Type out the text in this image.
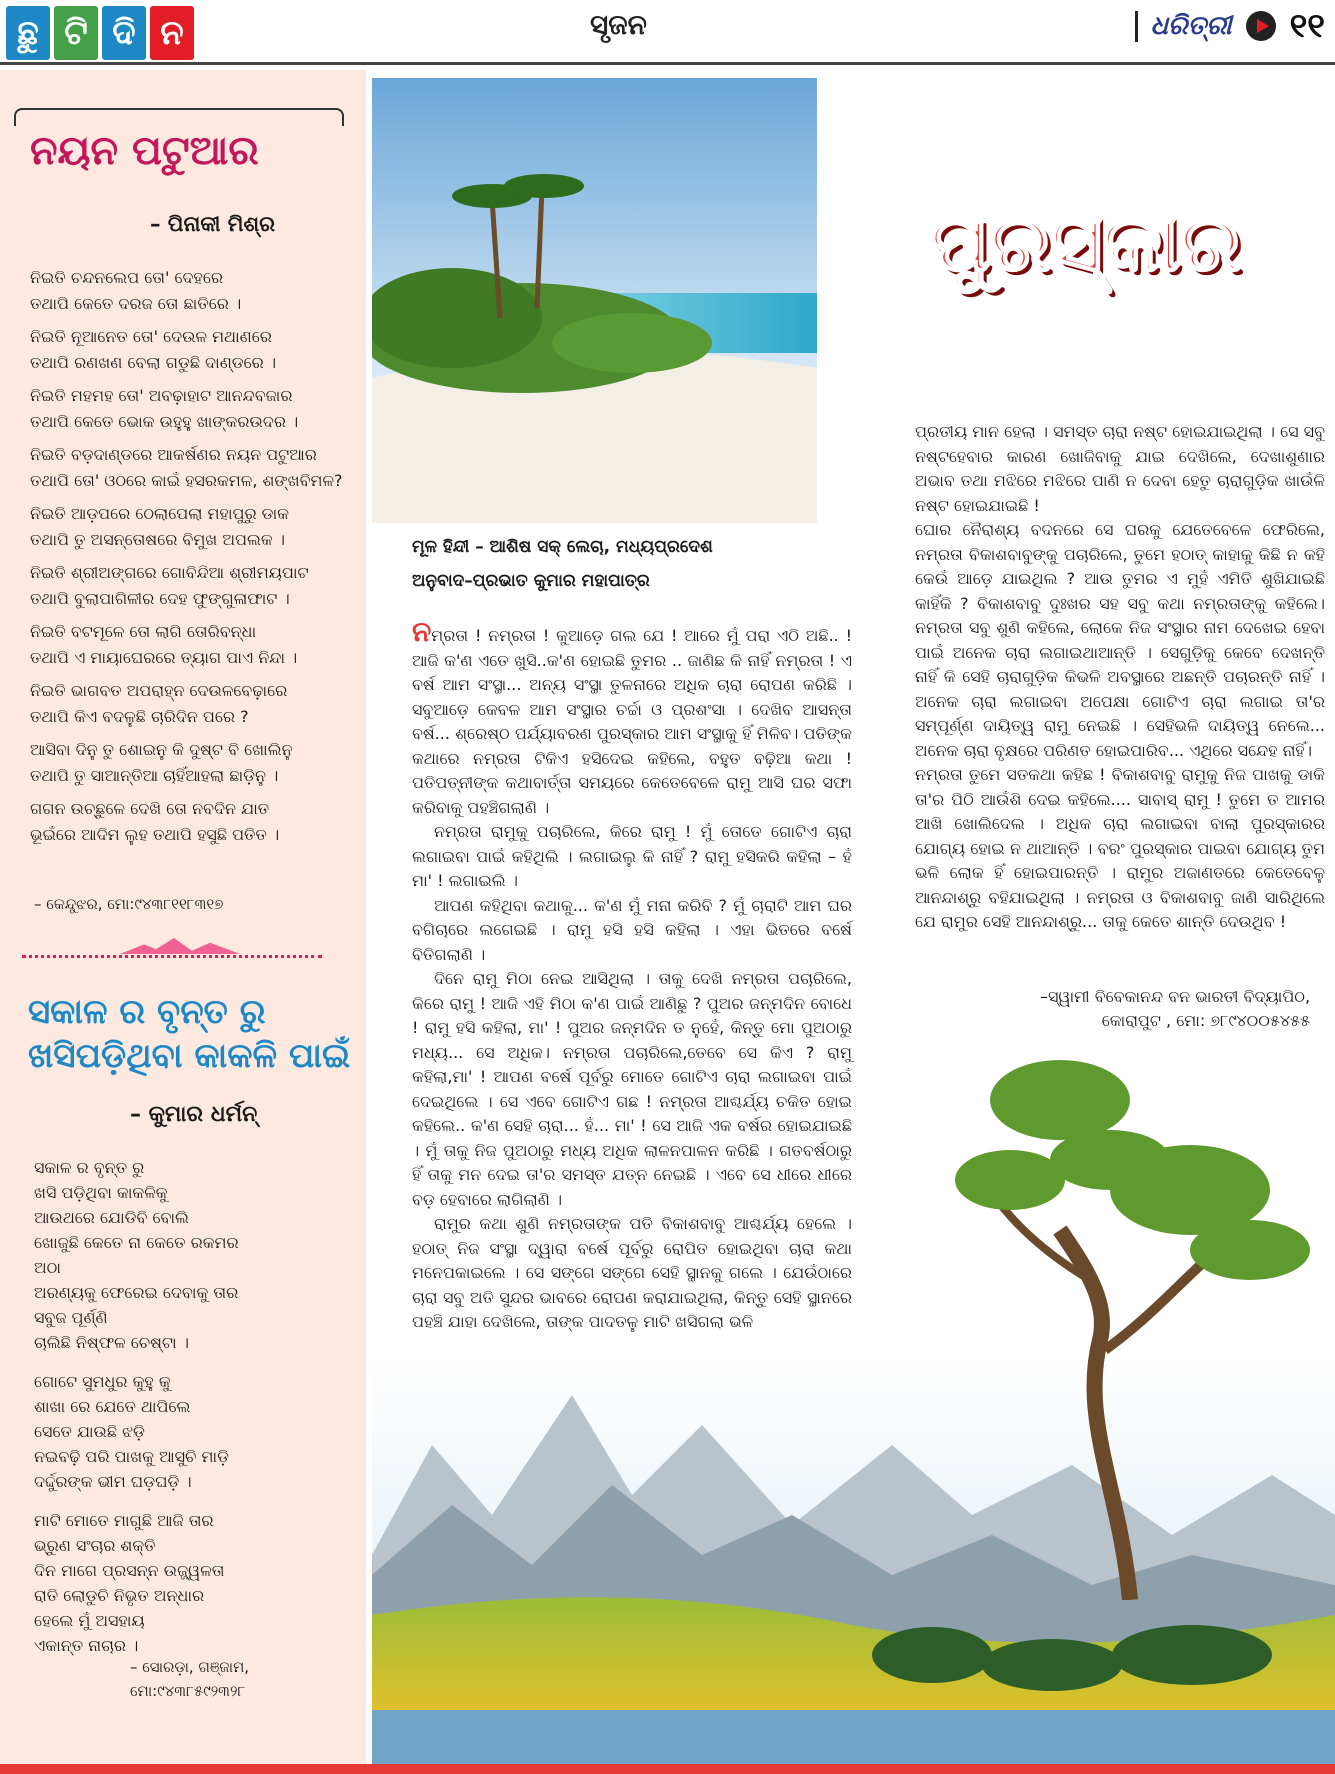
ଛୁ ଟି ଦି ନ	ସୃଜନ	ଧରିତ୍ରୀ ୧୧
ନୟନ ପଟୁଆର
– ପିନାକୀ ମିଶ୍ର

ନିଇତି ଚନ୍ଦନଲେପ ତୋ' ଦେହରେ
ତଥାପି କେତେ ଦରଜ ତୋ ଛାତିରେ ।

ନିଇତି ନୂଆନେତ ତୋ' ଦେଉଳ ମଥାଣରେ
ତଥାପି ରଣଖଣ ବେଲା ଗଡୁଛି ଦାଣ୍ଡରେ ।

ନିଇତି ମହମହ ତୋ' ଅବଢ଼ାହାଟ ଆନନ୍ଦବଜାର
ତଥାପି କେତେ ଭୋକ ଉହୁହୁ ଖାଙ୍କରଉଦର ।

ନିଇତି ବଡ଼ଦାଣ୍ଡରେ ଆକର୍ଷଣର ନୟନ ପଟୁଆର
ତଥାପି ତୋ' ଓଠରେ କାଇଁ ହସରକମଳ, ଶଙ୍ଖବିମଳ?

ନିଇତି ଆଡ଼ପରେ ଠେଲାପେଲା ମହାପୁରୁ ଡାକ
ତଥାପି ତୁ ଅସନ୍ତୋଷରେ ବିମୁଖ ଅପଲକ ।

ନିଇତି ଶ୍ରୀଅଙ୍ଗରେ ଗୋବିନ୍ଦିଆ ଶ୍ରୀମୟପାଟ
ତଥାପି ବୁଲାପାଗିଳୀର ଦେହ ଫୁଙ୍ଗୁଳାଫାଟ ।

ନିଇତି ବଟମୂଳେ ତୋ ଲାଗି ତୋରିବନ୍ଧା
ତଥାପି ଏ ମାୟାଘେରରେ ତ୍ୟାଗ ପାଏ ନିନ୍ଦା ।

ନିଇତି ଭାଗବତ ଅପରାହ୍ନ ଦେଉଳବେଢ଼ାରେ
ତଥାପି କିଏ ବଦଳୁଛି ଚାରିଦିନ ପରେ ?

ଆସିବା ଦିନୁ ତୁ ଶୋଇନୁ କି ଦୁଷ୍ଟ ବି ଖୋଲିନୁ
ତଥାପି ତୁ ସାଆନ୍ତିଆ ଚାହିଁଆହଲା ଛାଡ଼ିନୁ ।

ଗଗନ ଉଚ୍ଛୁଳେ ଦେଖି ତୋ ନବଦିନ ଯାତ
ଭୂଇଁରେ ଆଦିମ ଲୁହ ତଥାପି ହସୁଛି ପତିତ ।

– କେନ୍ଦୁଝର, ମୋ:୯୪୩୮୧୧୮୩୧୭
ସକାଳ ର ବୃନ୍ତ ରୁ ଖସିପଡ଼ିଥିବା କାକଳି ପାଇଁ
– କୁମାର ଧର୍ମନ୍

ସକାଳ ର ବୃନ୍ତ ରୁ
ଖସି ପଡ଼ିଥିବା କାକଳିକୁ
ଆଉଥରେ ଯୋଡିବି ବୋଲି
ଖୋଜୁଛି କେତେ ନା କେତେ ରକମର
ଅଠା
ଅରଣ୍ୟକୁ ଫେରେଇ ଦେବାକୁ ତାର
ସବୁଜ ପୂର୍ଣ୍ଣି
ଚାଲିଛି ନିଷ୍ଫଳ ଚେଷ୍ଟା ।

ଗୋଟେ ସୁମଧୁର କୁହୁ କୁ
ଶାଖା ରେ ଯେତେ ଥାପିଲେ
ସେତେ ଯାଉଛି ଝଡ଼ି
ନଇବଢ଼ି ପରି ପାଖକୁ ଆସୁଚି ମାଡ଼ି
ଦର୍ଦ୍ଦୁରଙ୍କ ଭୀମ ଘଡ଼ଘଡ଼ି ।

ମାଟି ମୋତେ ମାଗୁଛି ଆଜି ତାର
ଭ୍ରୁଣ ସଂଚାର ଶକ୍ତି
ଦିନ ମାଗେ ପ୍ରସନ୍ନ ଉଜ୍ଜ୍ୱଳତା
ରାତି ଲୋଡୁଚି ନିଭୃତ ଅନ୍ଧାର
ହେଲେ ମୁଁ ଅସହାୟ
ଏକାନ୍ତ ନାଚାର ।

– ସୋରଡ଼ା, ଗଞ୍ଜାମ,
ମୋ:୯୪୩୮୫୯୨୩୨୮
ପୁରସ୍କାର
ମୂଳ ହିନ୍ଦୀ – ଆଶିଷ ସକ୍ ଲେଚା, ମଧ୍ୟପ୍ରଦେଶ
ଅନୁବାଦ–ପ୍ରଭାତ କୁମାର ମହାପାତ୍ର

ନମ୍ରତା ! ନମ୍ରତା ! କୁଆଡ଼େ ଗଲ ଯେ ! ଆରେ ମୁଁ ପରା ଏଠି ଅଛି.. ! ଆଜି କ'ଣ ଏତେ ଖୁସି..କ'ଣ ହୋଇଛି ତୁମର .. ଜାଣିଛ କି ନାହିଁ ନମ୍ରତା ! ଏ ବର୍ଷ ଆମ ସଂସ୍ଥା... ଅନ୍ୟ ସଂସ୍ଥା ତୁଳନାରେ ଅଧିକ ଚାରା ରୋପଣ କରିଛି । ସବୁଆଡ଼େ କେବଳ ଆମ ସଂସ୍ଥାର ଚର୍ଚ୍ଚା ଓ ପ୍ରଶଂସା । ଦେଖିବ ଆସନ୍ତା ବର୍ଷ... ଶ୍ରେଷ୍ଠ ପର୍ଯ୍ୟାବରଣ ପୁରସ୍କାର ଆମ ସଂସ୍ଥାକୁ ହିଁ ମିଳିବ। ପତିଙ୍କ କଥାରେ ନମ୍ରତା ଟିକିଏ ହସିଦେଇ କହିଲେ, ବହୁତ ବଢ଼ିଆ କଥା ! ପତିପତ୍ନୀଙ୍କ କଥାବାର୍ତ୍ତା ସମୟରେ କେତେବେଳେ ରାମୁ ଆସି ଘର ସଫା କରିବାକୁ ପହଞ୍ଚିଗଲାଣି ।

ନମ୍ରତା ରାମୁକୁ ପଚାରିଲେ, କିରେ ରାମୁ ! ମୁଁ ତୋତେ ଗୋଟିଏ ଚାରା ଲଗାଇବା ପାଇଁ କହିଥିଲି । ଲଗାଇଲୁ କି ନାହିଁ ? ରାମୁ ହସିକରି କହିଲା – ହଁ ମା' ! ଲଗାଇଲି ।

ଆପଣ କହିଥିବା କଥାକୁ... କ'ଣ ମୁଁ ମନା କରିବି ? ମୁଁ ଚାରାଟି ଆମ ଘର ବଗିଚାରେ ଲଗେଇଛି । ରାମୁ ହସି ହସି କହିଲା । ଏହା ଭିତରେ ବର୍ଷେ ବିତିଗଲାଣି ।

ଦିନେ ରାମୁ ମିଠା ନେଇ ଆସିଥିଲା । ତାକୁ ଦେଖି ନମ୍ରତା ପଚାରିଲେ, କିରେ ରାମୁ ! ଆଜି ଏହି ମିଠା କ'ଣ ପାଇଁ ଆଣିଛୁ ? ପୁଅର ଜନ୍ମଦିନ ବୋଧେ ! ରାମୁ ହସି କହିଲା, ମା' ! ପୁଅର ଜନ୍ମଦିନ ତ ନୁହେଁ, କିନ୍ତୁ ମୋ ପୁଅଠାରୁ ମଧ୍ୟ... ସେ ଅଧିକ। ନମ୍ରତା ପଚାରିଲେ,ତେବେ ସେ କିଏ ? ରାମୁ କହିଲା,ମା' ! ଆପଣ ବର୍ଷେ ପୂର୍ବରୁ ମୋତେ ଗୋଟିଏ ଚାରା ଲଗାଇବା ପାଇଁ ଦେଇଥିଲେ । ସେ ଏବେ ଗୋଟିଏ ଗଛ ! ନମ୍ରତା ଆଶ୍ଚର୍ଯ୍ୟ ଚକିତ ହୋଇ କହିଲେ.. କ'ଣ ସେହି ଚାରା... ହଁ... ମା' ! ସେ ଆଜି ଏକ ବର୍ଷର ହୋଇଯାଇଛି । ମୁଁ ତାକୁ ନିଜ ପୁଅଠାରୁ ମଧ୍ୟ ଅଧିକ ଲାଳନପାଳନ କରିଛି । ଗତବର୍ଷଠାରୁ ହିଁ ତାକୁ ମନ ଦେଇ ତା'ର ସମସ୍ତ ଯତ୍ନ ନେଇଛି । ଏବେ ସେ ଧୀରେ ଧୀରେ ବଡ଼ ହେବାରେ ଲାଗିଲାଣି ।

ରାମୁର କଥା ଶୁଣି ନମ୍ରତାଙ୍କ ପତି ବିକାଶବାବୁ ଆଶ୍ଚର୍ଯ୍ୟ ହେଲେ । ହଠାତ୍ ନିଜ ସଂସ୍ଥା ଦ୍ୱାରା ବର୍ଷେ ପୂର୍ବରୁ ରୋପିତ ହୋଇଥିବା ଚାରା କଥା ମନେପକାଇଲେ । ସେ ସଙ୍ଗେ ସଙ୍ଗେ ସେହି ସ୍ଥାନକୁ ଗଲେ । ଯେଉଁଠାରେ ଚାରା ସବୁ ଅତି ସୁନ୍ଦର ଭାବରେ ରୋପଣ କରାଯାଇଥିଲା, କିନ୍ତୁ ସେହି ସ୍ଥାନରେ ପହଞ୍ଚି ଯାହା ଦେଖିଲେ, ତାଙ୍କ ପାଦତଳୁ ମାଟି ଖସିଗଲା ଭଳି

ପ୍ରତୀୟ ମାନ ହେଲା । ସମସ୍ତ ଚାରା ନଷ୍ଟ ହୋଇଯାଇଥିଲା । ସେ ସବୁ ନଷ୍ଟହେବାର କାରଣ ଖୋଜିବାକୁ ଯାଇ ଦେଖିଲେ, ଦେଖାଶୁଣାର ଅଭାବ ତଥା ମଝିରେ ମଝିରେ ପାଣି ନ ଦେବା ହେତୁ ଚାରାଗୁଡ଼ିକ ଖାଉଁଳି ନଷ୍ଟ ହୋଇଯାଇଛି !

ଘୋର ନୈରାଶ୍ୟ ବଦନରେ ସେ ଘରକୁ ଯେତେବେଳେ ଫେରିଲେ, ନମ୍ରତା ବିକାଶବାବୁଙ୍କୁ ପଚାରିଲେ, ତୁମେ ହଠାତ୍ କାହାକୁ କିଛି ନ କହି କେଉଁ ଆଡ଼େ ଯାଇଥିଲ ? ଆଉ ତୁମର ଏ ମୁହଁ ଏମିତି ଶୁଖିଯାଇଛି କାହିଁକି ? ବିକାଶବାବୁ ଦୁଃଖର ସହ ସବୁ କଥା ନମ୍ରତାଙ୍କୁ କହିଲେ। ନମ୍ରତା ସବୁ ଶୁଣି କହିଲେ, ଲୋକେ ନିଜ ସଂସ୍ଥାର ନାମ ଦେଖେଇ ହେବା ପାଇଁ ଅନେକ ଚାରା ଲଗାଇଥାଆନ୍ତି । ସେଗୁଡ଼ିକୁ କେବେ ଦେଖନ୍ତି ନାହିଁ କି ସେହି ଚାରାଗୁଡ଼ିକ କିଭଳି ଅବସ୍ଥାରେ ଅଛନ୍ତି ପଚାରନ୍ତି ନାହିଁ । ଅନେକ ଚାରା ଲଗାଇବା ଅପେକ୍ଷା ଗୋଟିଏ ଚାରା ଲଗାଇ ତା'ର ସମ୍ପୂର୍ଣ୍ଣ ଦାୟିତ୍ୱ ରାମୁ ନେଇଛି । ସେହିଭଳି ଦାୟିତ୍ୱ ନେଲେ... ଅନେକ ଚାରା ବୃକ୍ଷରେ ପରିଣତ ହୋଇପାରିବ... ଏଥିରେ ସନ୍ଦେହ ନାହିଁ।

ନମ୍ରତା ତୁମେ ସତକଥା କହିଛ ! ବିକାଶବାବୁ ରାମୁକୁ ନିଜ ପାଖକୁ ଡାକି ତା'ର ପିଠି ଆଉଁଶି ଦେଇ କହିଲେ.... ସାବାସ୍ ରାମୁ ! ତୁମେ ତ ଆମର ଆଖି ଖୋଲିଦେଲ । ଅଧିକ ଚାରା ଲଗାଇବା ବାଲା ପୁରସ୍କାରର ଯୋଗ୍ୟ ହୋଇ ନ ଥାଆନ୍ତି । ବରଂ ପୁରସ୍କାର ପାଇବା ଯୋଗ୍ୟ ତୁମ ଭଳି ଲୋକ ହିଁ ହୋଇପାରନ୍ତି । ରାମୁର ଅଜାଣତରେ କେତେବେଳୁ ଆନନ୍ଦାଶ୍ରୁ ବହିଯାଇଥିଲା । ନମ୍ରତା ଓ ବିକାଶବାବୁ ଜାଣି ସାରିଥିଲେ ଯେ ରାମୁର ସେହି ଆନନ୍ଦାଶ୍ରୁ... ତାକୁ କେତେ ଶାନ୍ତି ଦେଉଥିବ !

–ସ୍ୱାମୀ ବିବେକାନନ୍ଦ ବନ ଭାରତୀ ବିଦ୍ୟାପିଠ,
କୋରାପୁଟ , ମୋ: ୭୮୯୪୦୦୫୪୫୫
